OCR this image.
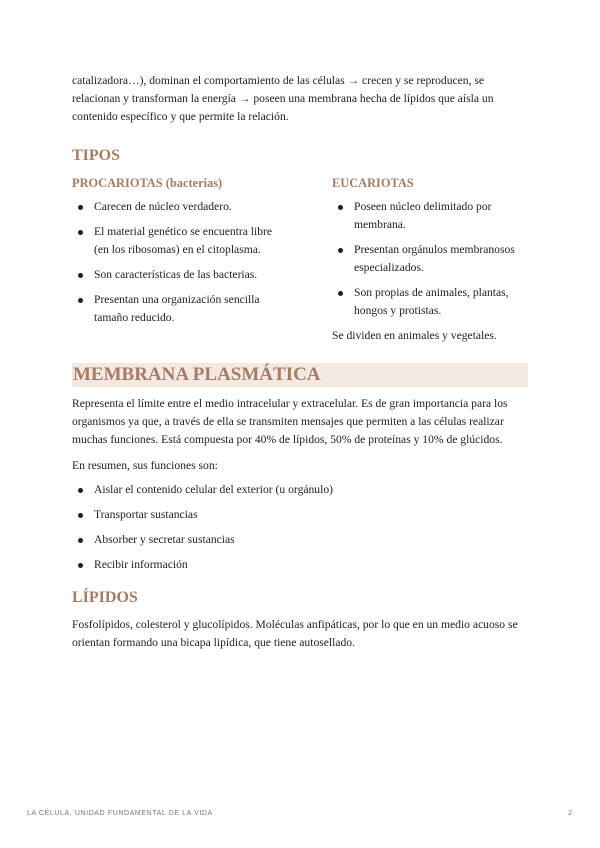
catalizadora…), dominan el comportamiento de las células → crecen y se reproducen, se relacionan y transforman la energía → poseen una membrana hecha de lípidos que aísla un contenido específico y que permite la relación.

TIPOS
PROCARIOTAS (bacterias)
Carecen de núcleo verdadero.
El material genético se encuentra libre (en los ribosomas) en el citoplasma.
Son características de las bacterias.
Presentan una organización sencilla tamaño reducido.
EUCARIOTAS
Poseen núcleo delimitado por membrana.
Presentan orgánulos membranosos especializados.
Son propias de animales, plantas, hongos y protistas.

Se dividen en animales y vegetales.

MEMBRANA PLASMÁTICA

Representa el límite entre el medio intracelular y extracelular. Es de gran importancia para los organismos ya que, a través de ella se transmiten mensajes que permiten a las células realizar muchas funciones. Está compuesta por 40% de lípidos, 50% de proteínas y 10% de glúcidos.

En resumen, sus funciones son:

Aislar el contenido celular del exterior (u orgánulo)
Transportar sustancias
Absorber y secretar sustancias
Recibir información
LÍPIDOS

Fosfolípidos, colesterol y glucolípidos. Moléculas anfipáticas, por lo que en un medio acuoso se orientan formando una bicapa lipídica, que tiene autosellado.

LA CÉLULA, UNIDAD FUNDAMENTAL DE LA VIDA	2
